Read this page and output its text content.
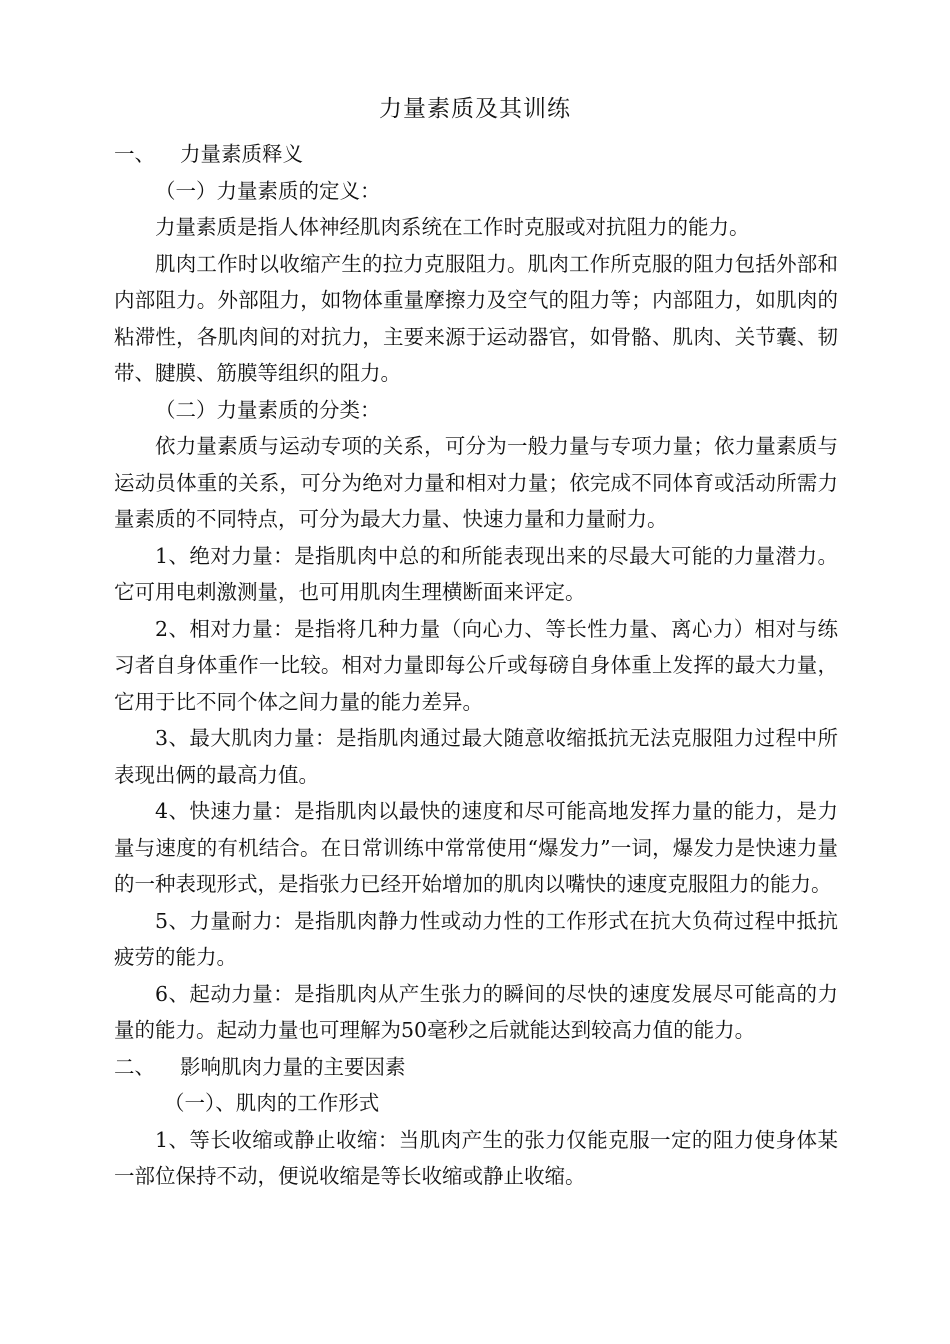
力量素质及其训练
一、	力量素质释义

（一）力量素质的定义：

力量素质是指人体神经肌肉系统在工作时克服或对抗阻力的能力。

肌肉工作时以收缩产生的拉力克服阻力。肌肉工作所克服的阻力包括外部和内部阻力。外部阻力，如物体重量摩擦力及空气的阻力等；内部阻力，如肌肉的粘滞性，各肌肉间的对抗力，主要来源于运动器官，如骨骼、肌肉、关节囊、韧带、腱膜、筋膜等组织的阻力。

（二）力量素质的分类：

依力量素质与运动专项的关系，可分为一般力量与专项力量；依力量素质与运动员体重的关系，可分为绝对力量和相对力量；依完成不同体育或活动所需力量素质的不同特点，可分为最大力量、快速力量和力量耐力。

1、绝对力量：是指肌肉中总的和所能表现出来的尽最大可能的力量潜力。它可用电刺激测量，也可用肌肉生理横断面来评定。

2、相对力量：是指将几种力量（向心力、等长性力量、离心力）相对与练习者自身体重作一比较。相对力量即每公斤或每磅自身体重上发挥的最大力量，它用于比不同个体之间力量的能力差异。

3、最大肌肉力量：是指肌肉通过最大随意收缩抵抗无法克服阻力过程中所表现出俩的最高力值。

4、快速力量：是指肌肉以最快的速度和尽可能高地发挥力量的能力，是力量与速度的有机结合。在日常训练中常常使用“爆发力”一词，爆发力是快速力量的一种表现形式，是指张力已经开始增加的肌肉以嘴快的速度克服阻力的能力。

5、力量耐力：是指肌肉静力性或动力性的工作形式在抗大负荷过程中抵抗疲劳的能力。

6、起动力量：是指肌肉从产生张力的瞬间的尽快的速度发展尽可能高的力量的能力。起动力量也可理解为50毫秒之后就能达到较高力值的能力。

二、	影响肌肉力量的主要因素

（一）、肌肉的工作形式

1、等长收缩或静止收缩：当肌肉产生的张力仅能克服一定的阻力使身体某一部位保持不动，便说收缩是等长收缩或静止收缩。
